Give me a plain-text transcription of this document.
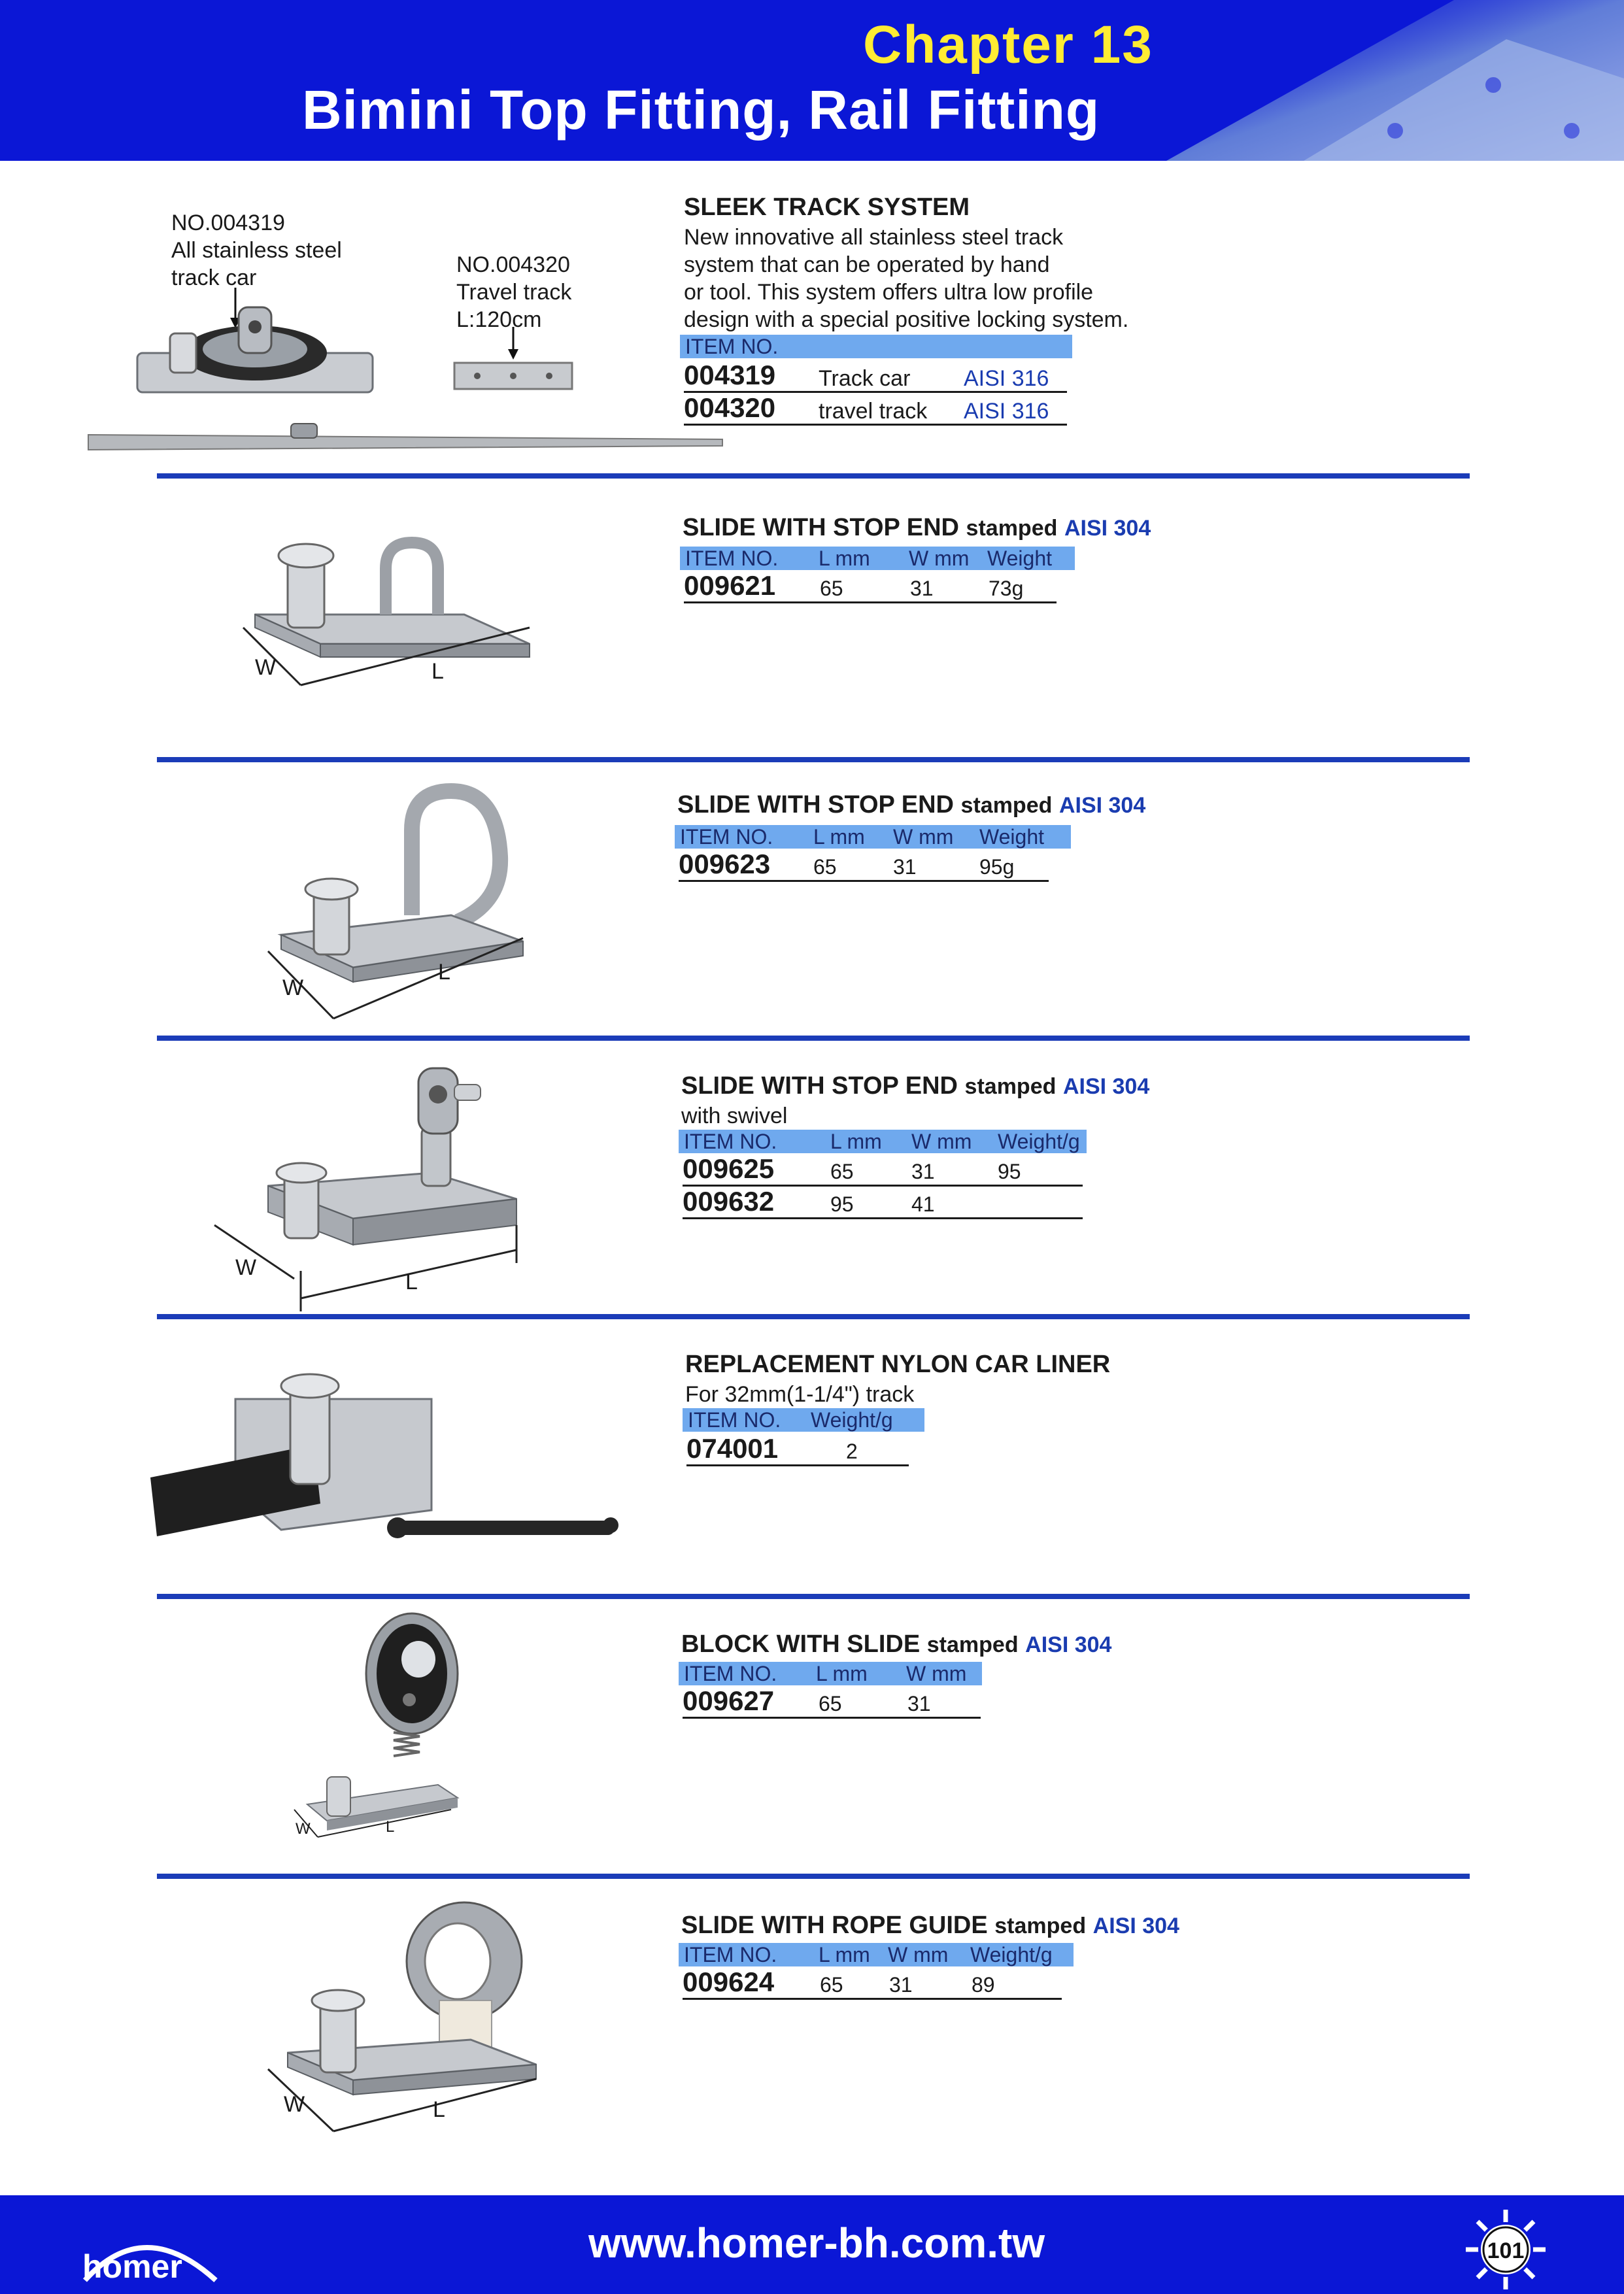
Chapter 13
Bimini Top Fitting, Rail Fitting
NO.004319
All stainless steel
track car
NO.004320
Travel track
L:120cm
SLEEK TRACK SYSTEM
New innovative all stainless steel track
system that can be operated by hand
or tool. This system offers ultra low profile
design with a special positive locking system.
ITEM NO.
004319 Track car AISI 316
004320 travel track AISI 316
W	L
SLIDE WITH STOP END stamped AISI 304
ITEM NO. L mm W mm Weight
009621 65	31	73g
W
L
SLIDE WITH STOP END stamped AISI 304
ITEM NO. L mm W mm Weight
009623 65	31	95g
W
L
SLIDE WITH STOP END stamped AISI 304
with swivel
ITEM NO.	L mm W mm Weight/g
009625	65	31	95
009632	95	41
REPLACEMENT NYLON CAR LINER
For 32mm(1-1/4") track
ITEM NO. Weight/g
074001	2
W	L
BLOCK WITH SLIDE stamped AISI 304
ITEM NO. L mm W mm
009627 65	31
W	L
SLIDE WITH ROPE GUIDE stamped AISI 304
ITEM NO. L mm W mm Weight/g
009624 65 31	89
homer	www.homer-bh.com.tw	101
